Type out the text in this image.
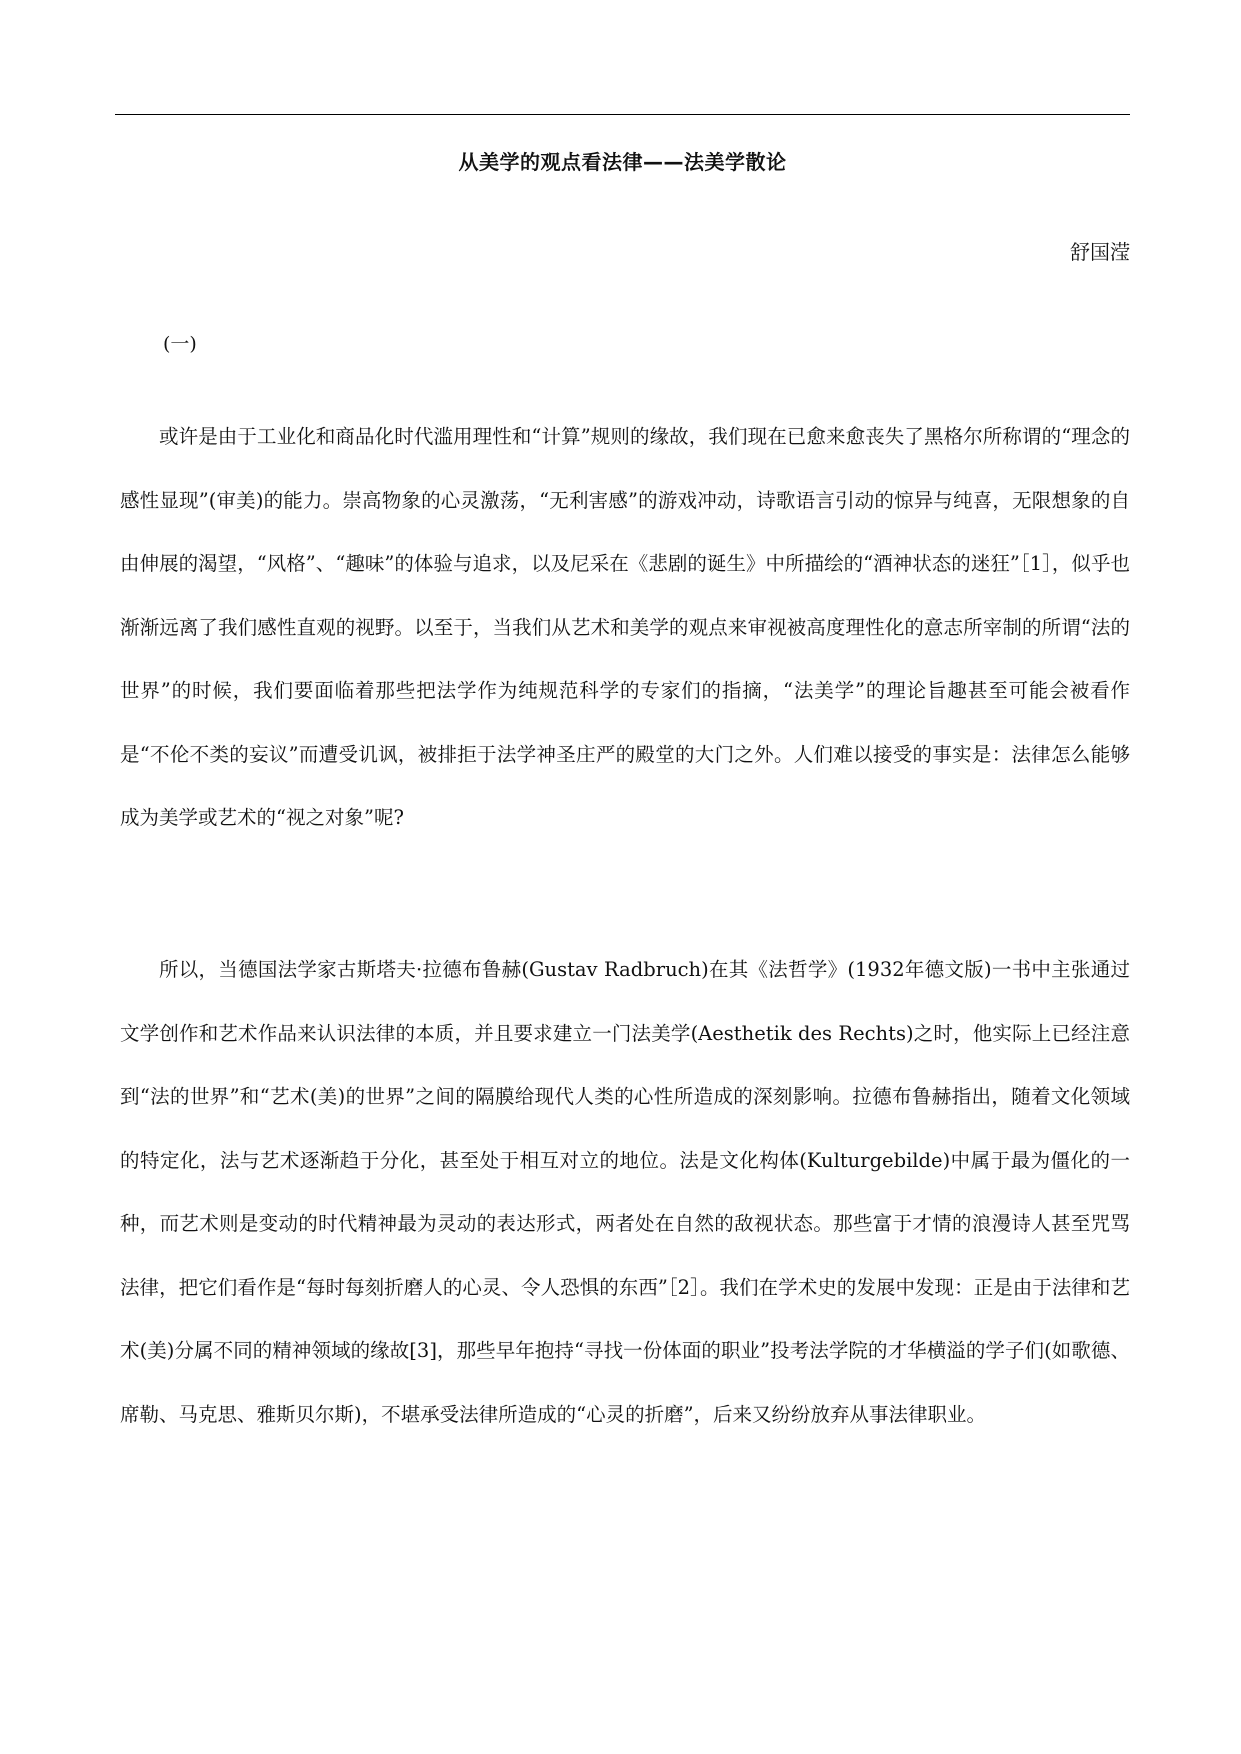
从美学的观点看法律——法美学散论
舒国滢
(一)

或许是由于工业化和商品化时代滥用理性和“计算”规则的缘故，我们现在已愈来愈丧失了黑格尔所称谓的“理念的感性显现”(审美)的能力。崇高物象的心灵激荡，“无利害感”的游戏冲动，诗歌语言引动的惊异与纯喜，无限想象的自由伸展的渴望，“风格”、“趣味”的体验与追求，以及尼采在《悲剧的诞生》中所描绘的“酒神状态的迷狂”［1］，似乎也渐渐远离了我们感性直观的视野。以至于，当我们从艺术和美学的观点来审视被高度理性化的意志所宰制的所谓“法的世界”的时候，我们要面临着那些把法学作为纯规范科学的专家们的指摘，“法美学”的理论旨趣甚至可能会被看作是“不伦不类的妄议”而遭受讥讽，被排拒于法学神圣庄严的殿堂的大门之外。人们难以接受的事实是：法律怎么能够成为美学或艺术的“视之对象”呢?

所以，当德国法学家古斯塔夫·拉德布鲁赫(Gustav Radbruch)在其《法哲学》(1932年德文版)一书中主张通过文学创作和艺术作品来认识法律的本质，并且要求建立一门法美学(Aesthetik des Rechts)之时，他实际上已经注意到“法的世界”和“艺术(美)的世界”之间的隔膜给现代人类的心性所造成的深刻影响。拉德布鲁赫指出，随着文化领域的特定化，法与艺术逐渐趋于分化，甚至处于相互对立的地位。法是文化构体(Kulturgebilde)中属于最为僵化的一种，而艺术则是变动的时代精神最为灵动的表达形式，两者处在自然的敌视状态。那些富于才情的浪漫诗人甚至咒骂法律，把它们看作是“每时每刻折磨人的心灵、令人恐惧的东西”［2］。我们在学术史的发展中发现：正是由于法律和艺术(美)分属不同的精神领域的缘故[3]，那些早年抱持“寻找一份体面的职业”投考法学院的才华横溢的学子们(如歌德、席勒、马克思、雅斯贝尔斯)，不堪承受法律所造成的“心灵的折磨”，后来又纷纷放弃从事法律职业。
